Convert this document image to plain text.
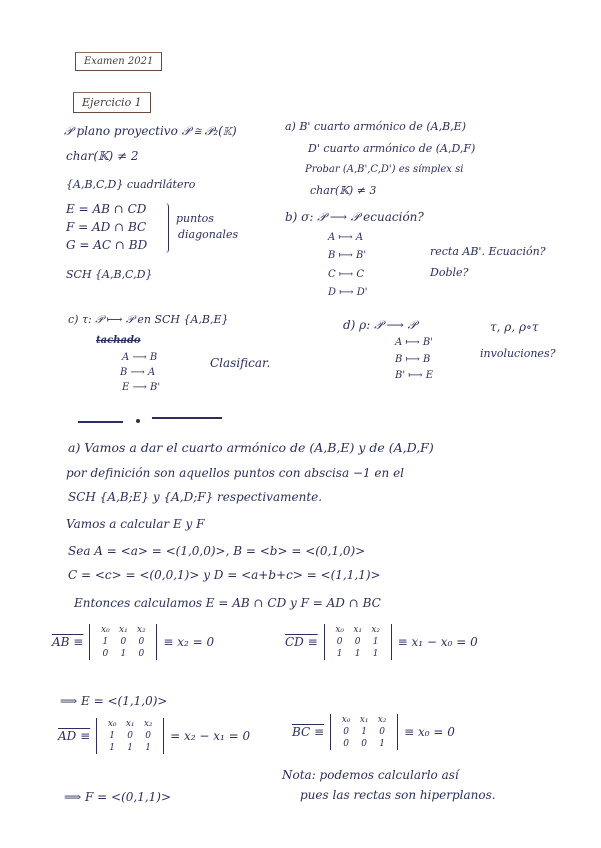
Examen 2021
Ejercicio 1
𝒫 plano proyectivo 𝒫 ≅ 𝒫₂(𝕂)
char(𝕂) ≠ 2
{A,B,C,D} cuadrilátero
E = AB ∩ CD
F = AD ∩ BC
G = AC ∩ BD
puntos
diagonales
SCH {A,B,C,D}
a) B' cuarto armónico de (A,B,E)
D' cuarto armónico de (A,D,F)
Probar (A,B',C,D') es símplex si
char(𝕂) ≠ 3
b) σ: 𝒫 ⟶ 𝒫 ecuación?
A ⟼ A
B ⟼ B'
C ⟼ C
D ⟼ D'
recta AB'. Ecuación?
Doble?
c) τ: 𝒫 ⟼ 𝒫 en SCH {A,B,E}
tachado
A ⟶ B
B ⟶ A
E ⟶ B'
Clasificar.
d) ρ: 𝒫 ⟶ 𝒫
A ⟼ B'
B ⟼ B
B' ⟼ E
τ, ρ, ρ∘τ
involuciones?
a) Vamos a dar el cuarto armónico de (A,B,E) y de (A,D,F)
por definición son aquellos puntos con abscisa −1 en el
SCH {A,B;E} y {A,D;F} respectivamente.
Vamos a calcular E y F
Sea A = <a> = <(1,0,0)>, B = <b> = <(0,1,0)>
C = <c> = <(0,0,1)> y D = <a+b+c> = <(1,1,1)>
Entonces calculamos E = AB ∩ CD y F = AD ∩ BC
AB ≡
x₀	x₁	x₂
1	0	0
0	1	0
≡ x₂ = 0	CD ≡
x₀	x₁	x₂
0	0	1
1	1	1
≡ x₁ − x₀ = 0
⟹ E = <(1,1,0)>
AD ≡
x₀	x₁	x₂
1	0	0
1	1	1
= x₂ − x₁ = 0	BC ≡
x₀	x₁	x₂
0	1	0
0	0	1
≡ x₀ = 0
Nota: podemos calcularlo así
pues las rectas son hiperplanos.
⟹ F = <(0,1,1)>
